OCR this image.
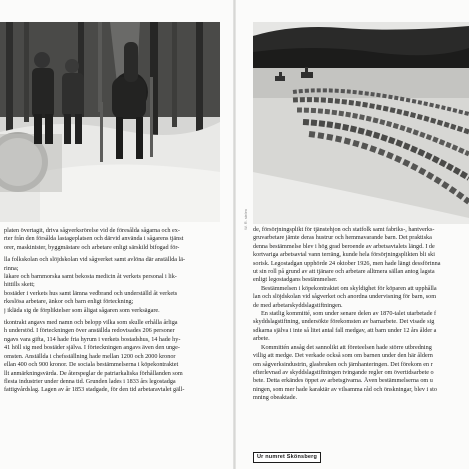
W. R. ström
platen övertagit, driva sågverksrörelse vid de föresålda sågarna och ex-
rter från den försålda lastageplatsen och därvid använda i sågarens tjänst
orer, maskinister, byggmästare och arbetare enligt särskild bifogad för-
lla folkskolan och slöjdskolan vid sågverket samt avlöna där anställda lä-
rinna;
läkare och barnmorska samt bekosta medicin åt verkets personal i lik-
hittills skett;
bostäder i verkets hus samt lämna vedbrand och underställd åt verkets
rkeslösa arbetare, änkor och barn enligt förteckning;
j ikläda sig de förpliktelser som åligat sågaren som verksägare.
tkontrakt angavs med namn och belopp vilka som skulle erhålla årliga
h understöd. I förteckningen över anställda redovisades 206 personer
ngavs vara gifta, 114 hade fria hyrum i verkets bostadshus, 14 hade hy-
41 höll sig med bostäder själva. I förteckningen angavs även den unge-
omsten. Anställda i chefsställning hade mellan 1200 och 2000 kronor
ellan 400 och 900 kronor. De sociala bestämmelserna i köpekontraktet
llt anmärkningsvärda. De återspeglar de patriarkaliska förhållanden som
flesta industrier under denna tid. Grunden lades i 1833 års legostadga
fattigvårdslag. Lagen av år 1853 stadgade, för den tid arbetaravtalet gäll-
de, försörjningsplikt för tjänstehjon och statfolk samt fabriks-, hantverks-
gruvarbetare jämte deras hustrur och hemmavarande barn. Det praktiska
denna bestämmelse blev i hög grad beroende av arbetsavtalets längd. I de
kortvariga arbetsavtal vann terräng, kunde hela försörjningsplikten bli ski
sorisk. Legostadgan upphörde 24 oktober 1926, men hade längt dessförinna
ut sin roll på grund av att tjänare och arbetare alltmera sällan antog lagsta
enligt legostadgans bestämmelser.
Bestämmelsen i köpekontraktet om skyldighet för köparen att upphålla
lan och slöjdskolan vid sågverket och anordna undervisning för barn, som
de med arbetarskyddslagstiftningen.
En statlig kommitté, som under senare delen av 1870-talet utarbetade f
skyddslagstiftning, undersökte förekomsten av barnarbete. Det visade sig
sdkarna själva i inte så litet antal fall medgav, att barn under 12 års ålder a
arbete.
Kommittén ansåg det sannolikt att företeelsen hade större utbredning
villig att medge. Det verkade också som om barnen under den här åldern
om sågverksindustrin, glasbruken och järnhanteringen. Det förekom en r
efterlevnad av skyddslagstiftningen tvingande regler om övertidsarbete o
bete. Detta erkändes öppet av arbetsgivarna. Även bestämmelserna om u
ningen, som mer hade karaktär av vilsamma råd och önskningar, blev i sto
mning obeaktade.
Ur numret Skönsberg
